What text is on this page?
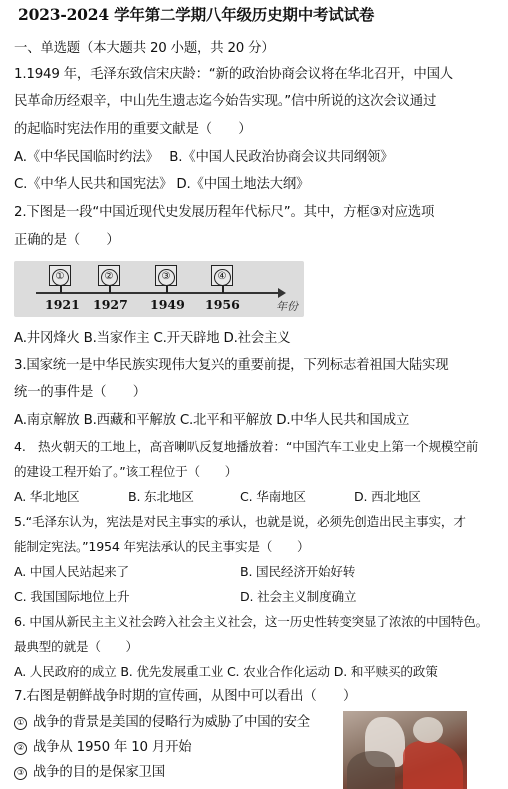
2023-2024 学年第二学期八年级历史期中考试试卷
一、单选题（本大题共 20 小题，共 20 分）
1.1949 年，毛泽东致信宋庆龄：“新的政治协商会议将在华北召开，中国人
民革命历经艰辛，中山先生遗志迄今始告实现。”信中所说的这次会议通过
的起临时宪法作用的重要文献是（　　）
A.《中华民国临时约法》　 B.《中国人民政治协商会议共同纲领》
C.《中华人民共和国宪法》 D.《中国土地法大纲》
2.下图是一段“中国近现代史发展历程年代标尺”。其中，方框③对应选项
正确的是（　　）
①
1921
②
1927
③
1949
④
1956	年份
A.井冈烽火 B.当家作主 C.开天辟地 D.社会主义
3.国家统一是中华民族实现伟大复兴的重要前提，下列标志着祖国大陆实现
统一的事件是（　　）
A.南京解放 B.西藏和平解放 C.北平和平解放 D.中华人民共和国成立
4.　热火朝天的工地上，高音喇叭反复地播放着：“中国汽车工业史上第一个规模空前
的建设工程开始了。”该工程位于（　　）
A. 华北地区	B. 东北地区	C. 华南地区	D. 西北地区
5.“毛泽东认为，宪法是对民主事实的承认，也就是说，必须先创造出民主事实，才
能制定宪法。”1954 年宪法承认的民主事实是（　　）
A. 中国人民站起来了	B. 国民经济开始好转
C. 我国国际地位上升	D. 社会主义制度确立
6. 中国从新民主主义社会跨入社会主义社会，这一历史性转变突显了浓浓的中国特色。
最典型的就是（　　）
A. 人民政府的成立 B. 优先发展重工业 C. 农业合作化运动 D. 和平赎买的政策
7.右图是朝鲜战争时期的宣传画，从图中可以看出（　　）
① 战争的背景是美国的侵略行为威胁了中国的安全
② 战争从 1950 年 10 月开始
③ 战争的目的是保家卫国
